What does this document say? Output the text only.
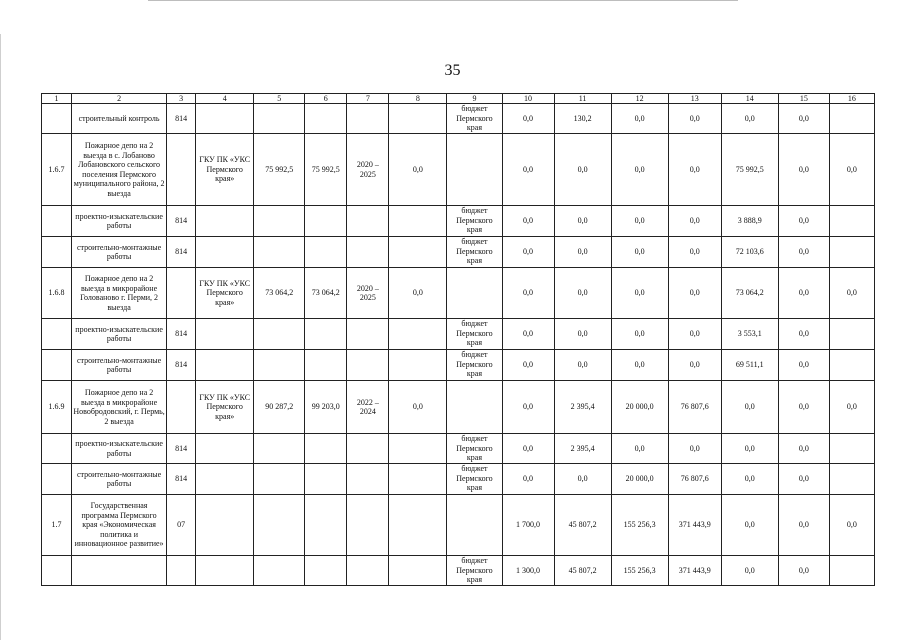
35
1	2	3	4	5	6	7	8	9	10	11	12	13	14	15	16
	строительный контроль	814						бюджет Пермского края	0,0	130,2	0,0	0,0	0,0	0,0	
1.6.7	Пожарное депо на 2 выезда в с. Лобаново Лобановского сельского поселения Пермского муниципального района, 2 выезда		ГКУ ПК «УКС Пермского края»	75 992,5	75 992,5	2020 – 2025	0,0		0,0	0,0	0,0	0,0	75 992,5	0,0	0,0
	проектно-изыскательские работы	814						бюджет Пермского края	0,0	0,0	0,0	0,0	3 888,9	0,0	
	строительно-монтажные работы	814						бюджет Пермского края	0,0	0,0	0,0	0,0	72 103,6	0,0	
1.6.8	Пожарное депо на 2 выезда в микрорайоне Голованово г. Перми, 2 выезда		ГКУ ПК «УКС Пермского края»	73 064,2	73 064,2	2020 – 2025	0,0		0,0	0,0	0,0	0,0	73 064,2	0,0	0,0
	проектно-изыскательские работы	814						бюджет Пермского края	0,0	0,0	0,0	0,0	3 553,1	0,0	
	строительно-монтажные работы	814						бюджет Пермского края	0,0	0,0	0,0	0,0	69 511,1	0,0	
1.6.9	Пожарное депо на 2 выезда в микрорайоне Новобродовский, г. Пермь, 2 выезда		ГКУ ПК «УКС Пермского края»	90 287,2	99 203,0	2022 – 2024	0,0		0,0	2 395,4	20 000,0	76 807,6	0,0	0,0	0,0
	проектно-изыскательские работы	814						бюджет Пермского края	0,0	2 395,4	0,0	0,0	0,0	0,0	
	строительно-монтажные работы	814						бюджет Пермского края	0,0	0,0	20 000,0	76 807,6	0,0	0,0	
1.7	Государственная программа Пермского края «Экономическая политика и инновационное развитие»	07							1 700,0	45 807,2	155 256,3	371 443,9	0,0	0,0	0,0
								бюджет Пермского края	1 300,0	45 807,2	155 256,3	371 443,9	0,0	0,0	
